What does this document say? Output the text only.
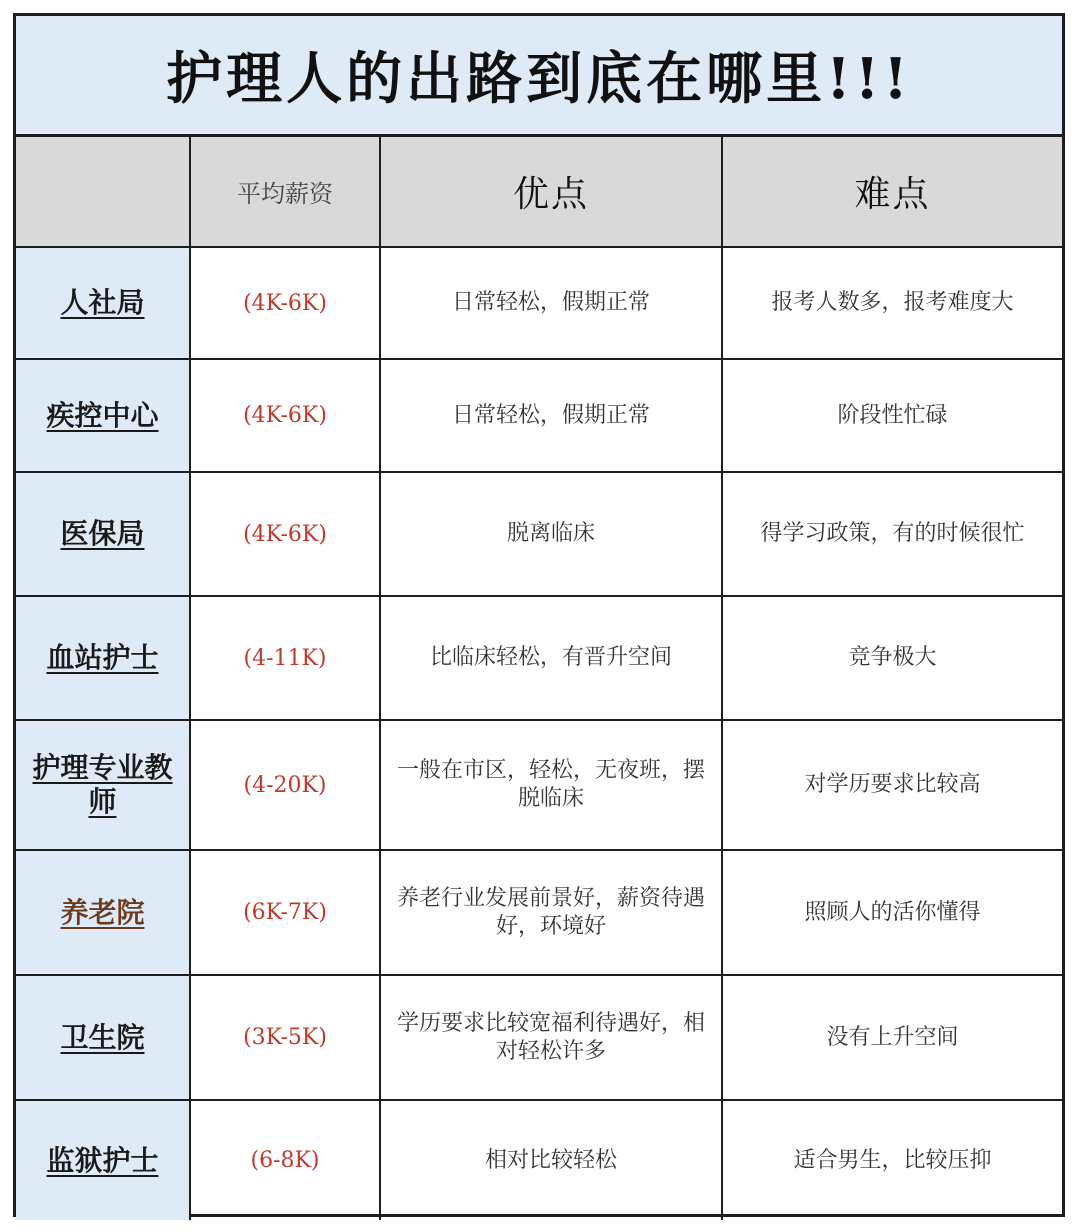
护理人的出路到底在哪里!!!
	平均薪资	优点	难点
人社局	(4K-6K)	日常轻松，假期正常	报考人数多，报考难度大
疾控中心	(4K-6K)	日常轻松，假期正常	阶段性忙碌
医保局	(4K-6K)	脱离临床	得学习政策，有的时候很忙
血站护士	(4-11K)	比临床轻松，有晋升空间	竞争极大
护理专业教师	(4-20K)	一般在市区，轻松，无夜班，摆脱临床	对学历要求比较高
养老院	(6K-7K)	养老行业发展前景好，薪资待遇好，环境好	照顾人的活你懂得
卫生院	(3K-5K)	学历要求比较宽福利待遇好，相对轻松许多	没有上升空间
监狱护士	(6-8K)	相对比较轻松	适合男生，比较压抑
